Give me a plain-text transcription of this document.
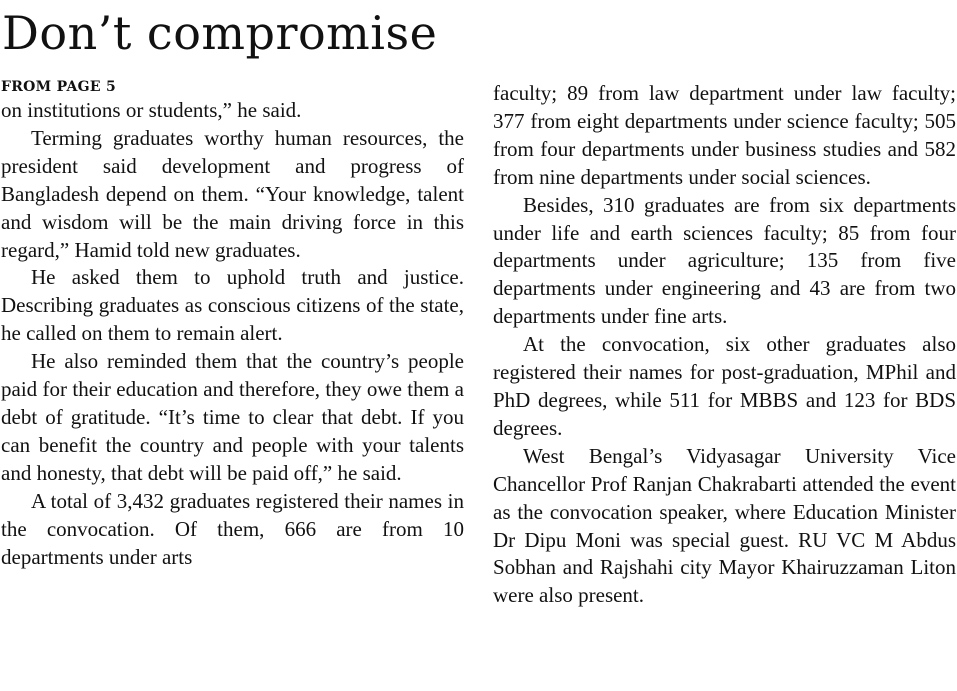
Don’t compromise

FROM PAGE 5

on institutions or students,” he said.

Terming graduates worthy human resources, the president said development and progress of Bangladesh depend on them. “Your knowledge, talent and wisdom will be the main driving force in this regard,” Hamid told new graduates.

He asked them to uphold truth and justice. Describing graduates as conscious citizens of the state, he called on them to remain alert.

He also reminded them that the country’s people paid for their education and therefore, they owe them a debt of gratitude. “It’s time to clear that debt. If you can benefit the country and people with your talents and honesty, that debt will be paid off,” he said.

A total of 3,432 graduates registered their names in the convocation. Of them, 666 are from 10 departments under arts

faculty; 89 from law department under law faculty; 377 from eight departments under science faculty; 505 from four departments under business studies and 582 from nine departments under social sciences.

Besides, 310 graduates are from six departments under life and earth sciences faculty; 85 from four departments under agriculture; 135 from five departments under engineering and 43 are from two departments under fine arts.

At the convocation, six other graduates also registered their names for post-graduation, MPhil and PhD degrees, while 511 for MBBS and 123 for BDS degrees.

West Bengal’s Vidyasagar University Vice Chancellor Prof Ranjan Chakrabarti attended the event as the convocation speaker, where Education Minister Dr Dipu Moni was special guest. RU VC M Abdus Sobhan and Rajshahi city Mayor Khairuzzaman Liton were also present.
